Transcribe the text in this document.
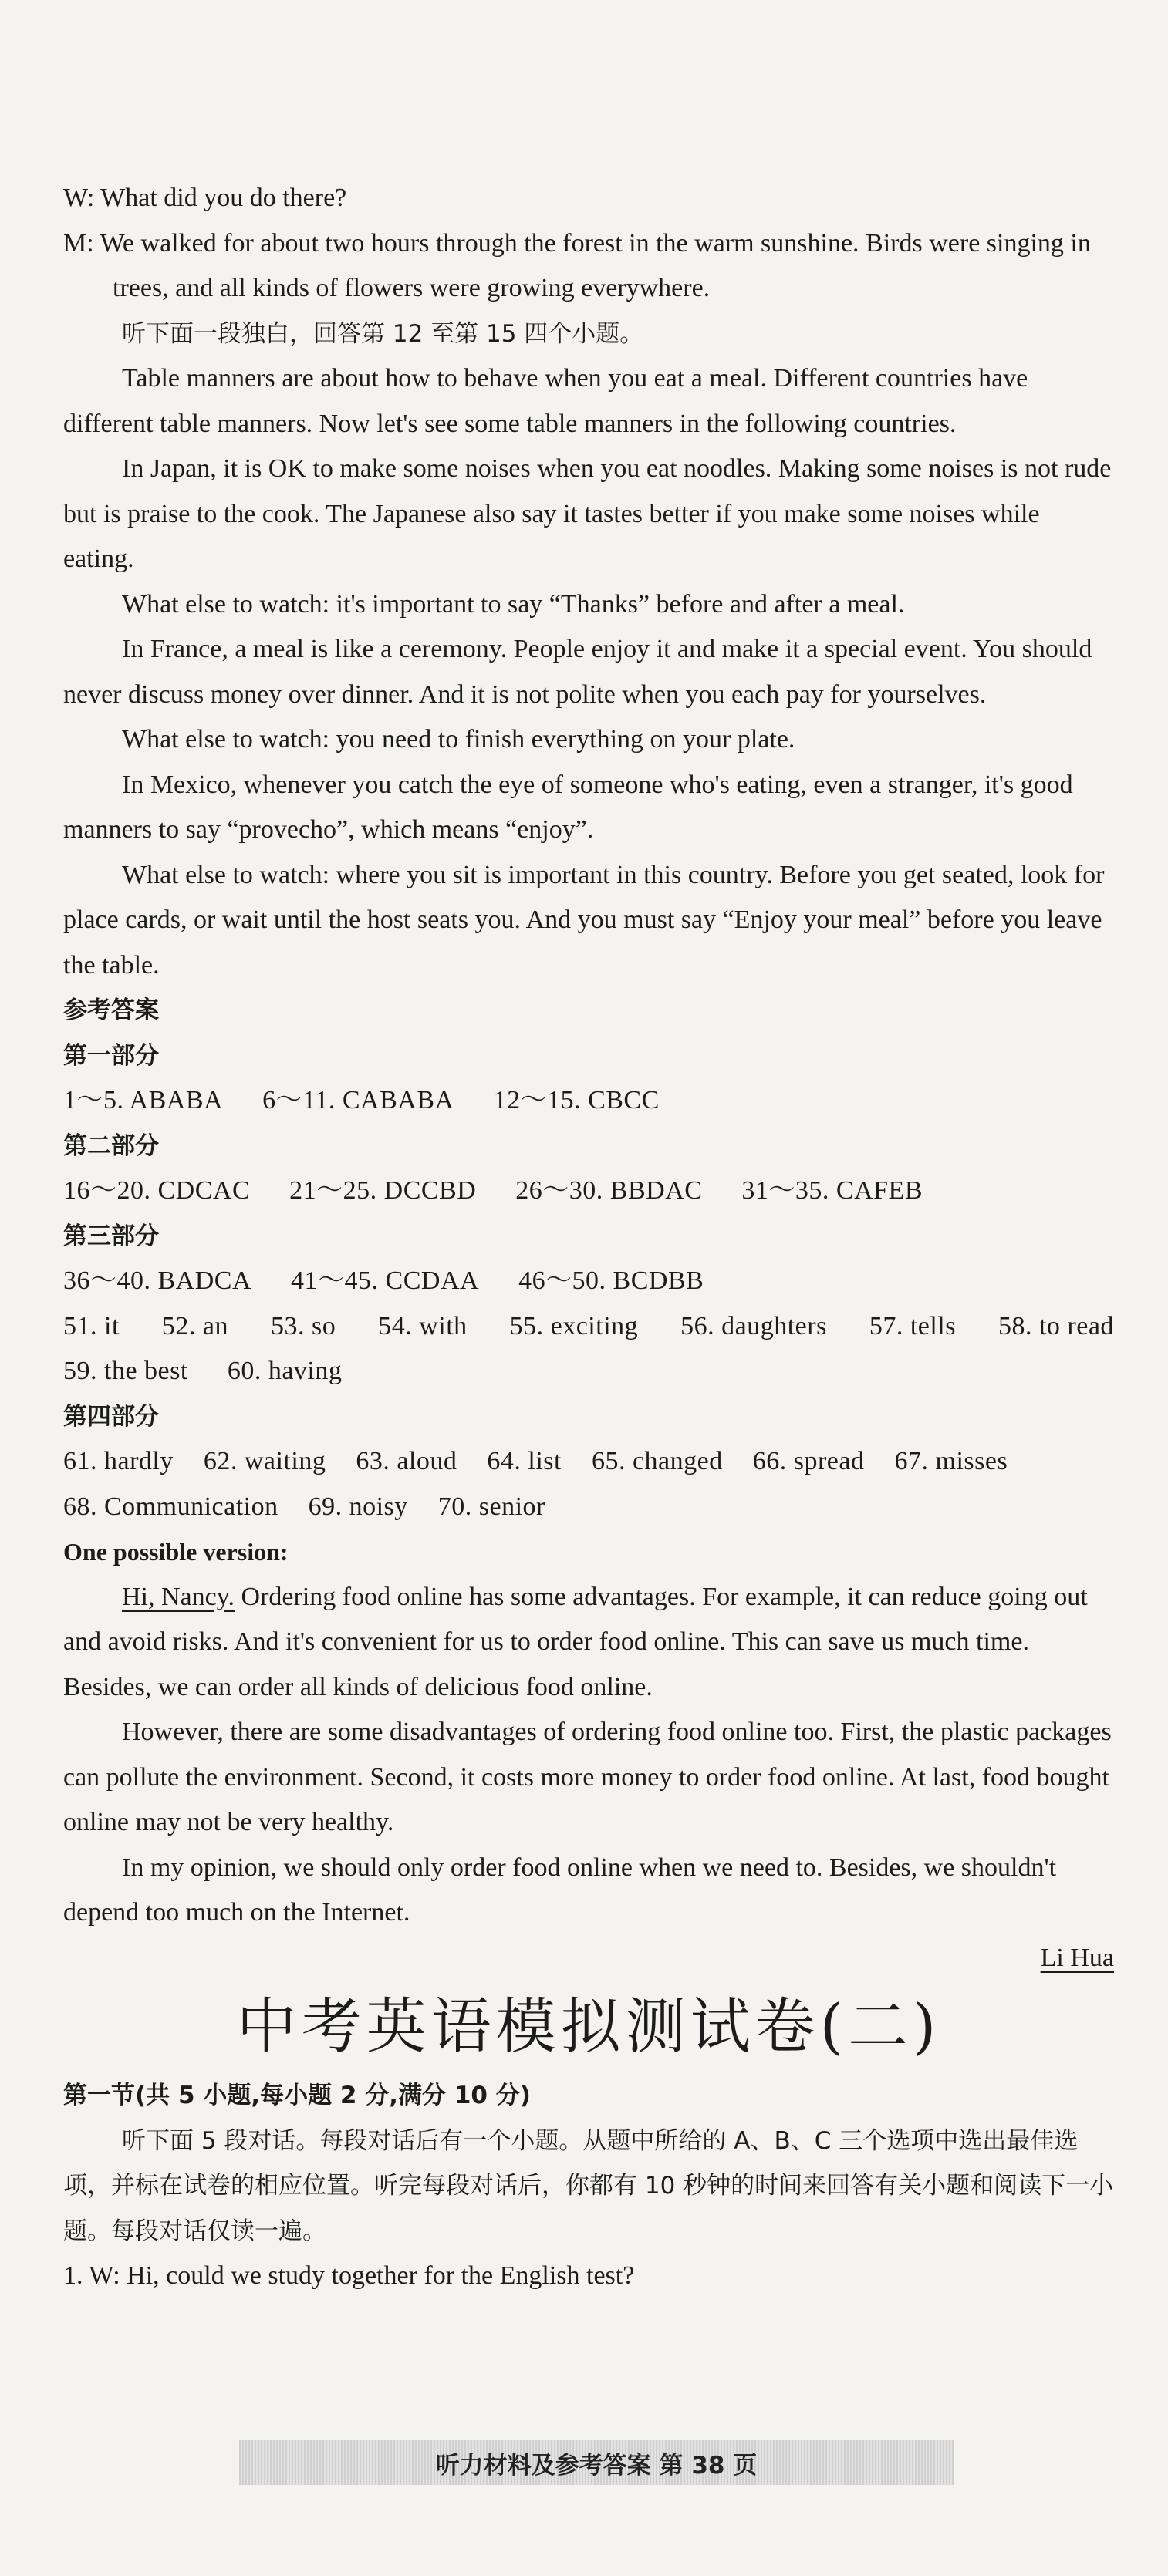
W: What did you do there?

M: We walked for about two hours through the forest in the warm sunshine. Birds were singing in trees, and all kinds of flowers were growing everywhere.

听下面一段独白，回答第 12 至第 15 四个小题。

Table manners are about how to behave when you eat a meal. Different countries have different table manners. Now let's see some table manners in the following countries.

In Japan, it is OK to make some noises when you eat noodles. Making some noises is not rude but is praise to the cook. The Japanese also say it tastes better if you make some noises while eating.

What else to watch: it's important to say “Thanks” before and after a meal.

In France, a meal is like a ceremony. People enjoy it and make it a special event. You should never discuss money over dinner. And it is not polite when you each pay for yourselves.

What else to watch: you need to finish everything on your plate.

In Mexico, whenever you catch the eye of someone who's eating, even a stranger, it's good manners to say “provecho”, which means “enjoy”.

What else to watch: where you sit is important in this country. Before you get seated, look for place cards, or wait until the host seats you. And you must say “Enjoy your meal” before you leave the table.

参考答案

第一部分

1～5. ABABA 6～11. CABABA 12～15. CBCC

第二部分

16～20. CDCAC 21～25. DCCBD 26～30. BBDAC 31～35. CAFEB

第三部分

36～40. BADCA 41～45. CCDAA 46～50. BCDBB

51. it 52. an 53. so 54. with 55. exciting 56. daughters 57. tells 58. to read

59. the best 60. having

第四部分

61. hardly 62. waiting 63. aloud 64. list 65. changed 66. spread 67. misses

68. Communication 69. noisy 70. senior

One possible version:

Hi, Nancy. Ordering food online has some advantages. For example, it can reduce going out and avoid risks. And it's convenient for us to order food online. This can save us much time. Besides, we can order all kinds of delicious food online.

However, there are some disadvantages of ordering food online too. First, the plastic packages can pollute the environment. Second, it costs more money to order food online. At last, food bought online may not be very healthy.

In my opinion, we should only order food online when we need to. Besides, we shouldn't depend too much on the Internet.

Li Hua

中考英语模拟测试卷(二)

第一节(共 5 小题,每小题 2 分,满分 10 分)

听下面 5 段对话。每段对话后有一个小题。从题中所给的 A、B、C 三个选项中选出最佳选项，并标在试卷的相应位置。听完每段对话后，你都有 10 秒钟的时间来回答有关小题和阅读下一小题。每段对话仅读一遍。

1. W: Hi, could we study together for the English test?

听力材料及参考答案 第 38 页
